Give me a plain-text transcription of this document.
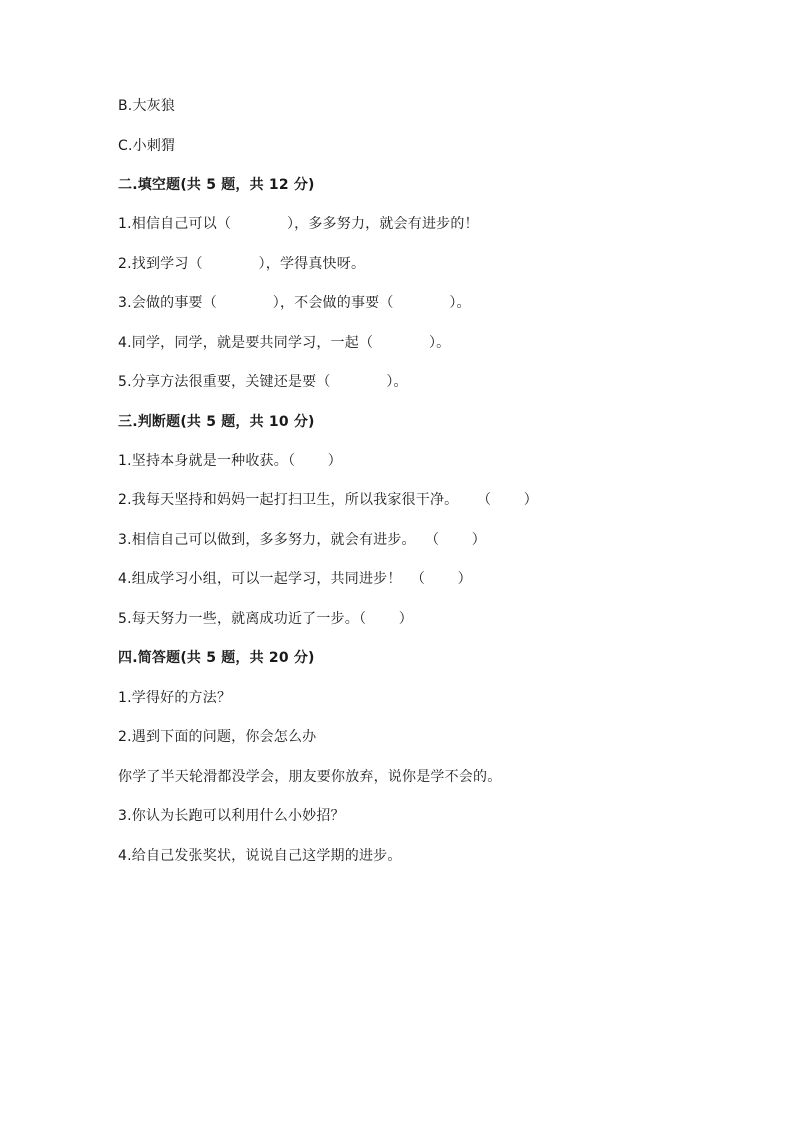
B.大灰狼
C.小刺猬
二.填空题(共 5 题，共 12 分)
1.相信自己可以（            ），多多努力，就会有进步的！
2.找到学习（            ），学得真快呀。
3.会做的事要（            ），不会做的事要（            ）。
4.同学，同学，就是要共同学习，一起（            ）。
5.分享方法很重要，关键还是要（            ）。
三.判断题(共 5 题，共 10 分)
1.坚持本身就是一种收获。（       ）
2.我每天坚持和妈妈一起打扫卫生，所以我家很干净。    （       ）
3.相信自己可以做到，多多努力，就会有进步。  （       ）
4.组成学习小组，可以一起学习，共同进步！  （       ）
5.每天努力一些，就离成功近了一步。（       ）
四.简答题(共 5 题，共 20 分)
1.学得好的方法？
2.遇到下面的问题，你会怎么办
你学了半天轮滑都没学会，朋友要你放弃，说你是学不会的。
3.你认为长跑可以利用什么小妙招？
4.给自己发张奖状，说说自己这学期的进步。
